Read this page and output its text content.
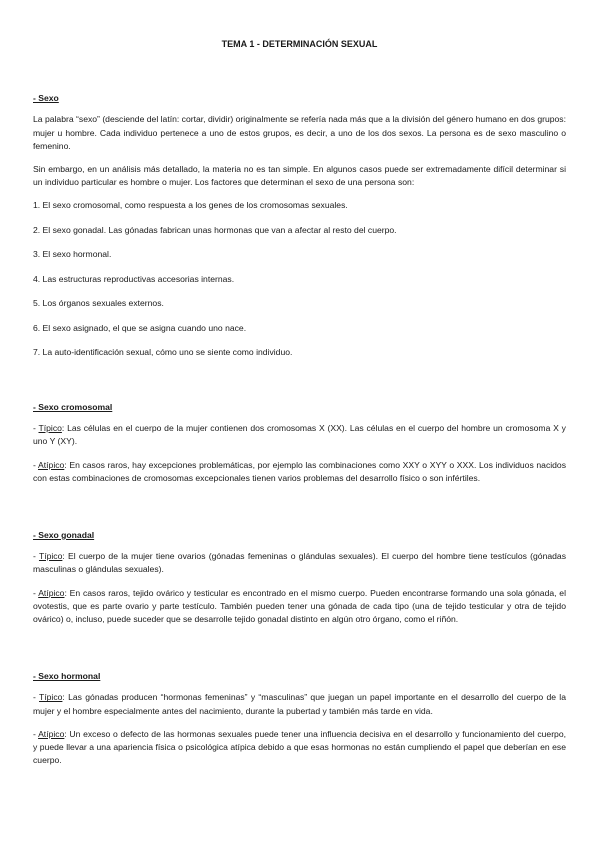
TEMA 1 - DETERMINACIÓN SEXUAL
- Sexo

La palabra “sexo” (desciende del latín: cortar, dividir) originalmente se refería nada más que a la división del género humano en dos grupos: mujer u hombre. Cada individuo pertenece a uno de estos grupos, es decir, a uno de los dos sexos. La persona es de sexo masculino o femenino.

Sin embargo, en un análisis más detallado, la materia no es tan simple. En algunos casos puede ser extremadamente difícil determinar si un individuo particular es hombre o mujer. Los factores que determinan el sexo de una persona son:

1. El sexo cromosomal, como respuesta a los genes de los cromosomas sexuales.

2. El sexo gonadal. Las gónadas fabrican unas hormonas que van a afectar al resto del cuerpo.

3. El sexo hormonal.

4. Las estructuras reproductivas accesorias internas.

5. Los órganos sexuales externos.

6. El sexo asignado, el que se asigna cuando uno nace.

7. La auto-identificación sexual, cómo uno se siente como individuo.

- Sexo cromosomal

- Típico: Las células en el cuerpo de la mujer contienen dos cromosomas X (XX). Las células en el cuerpo del hombre un cromosoma X y uno Y (XY).

- Atípico: En casos raros, hay excepciones problemáticas, por ejemplo las combinaciones como XXY o XYY o XXX. Los individuos nacidos con estas combinaciones de cromosomas excepcionales tienen varios problemas del desarrollo físico o son infértiles.

- Sexo gonadal

- Típico: El cuerpo de la mujer tiene ovarios (gónadas femeninas o glándulas sexuales). El cuerpo del hombre tiene testículos (gónadas masculinas o glándulas sexuales).

- Atípico: En casos raros, tejido ovárico y testicular es encontrado en el mismo cuerpo. Pueden encontrarse formando una sola gónada, el ovotestis, que es parte ovario y parte testículo. También pueden tener una gónada de cada tipo (una de tejido testicular y otra de tejido ovárico) o, incluso, puede suceder que se desarrolle tejido gonadal distinto en algún otro órgano, como el riñón.

- Sexo hormonal

- Típico: Las gónadas producen “hormonas femeninas” y “masculinas” que juegan un papel importante en el desarrollo del cuerpo de la mujer y el hombre especialmente antes del nacimiento, durante la pubertad y también más tarde en vida.

- Atípico: Un exceso o defecto de las hormonas sexuales puede tener una influencia decisiva en el desarrollo y funcionamiento del cuerpo, y puede llevar a una apariencia física o psicológica atípica debido a que esas hormonas no están cumpliendo el papel que deberían en ese cuerpo.
